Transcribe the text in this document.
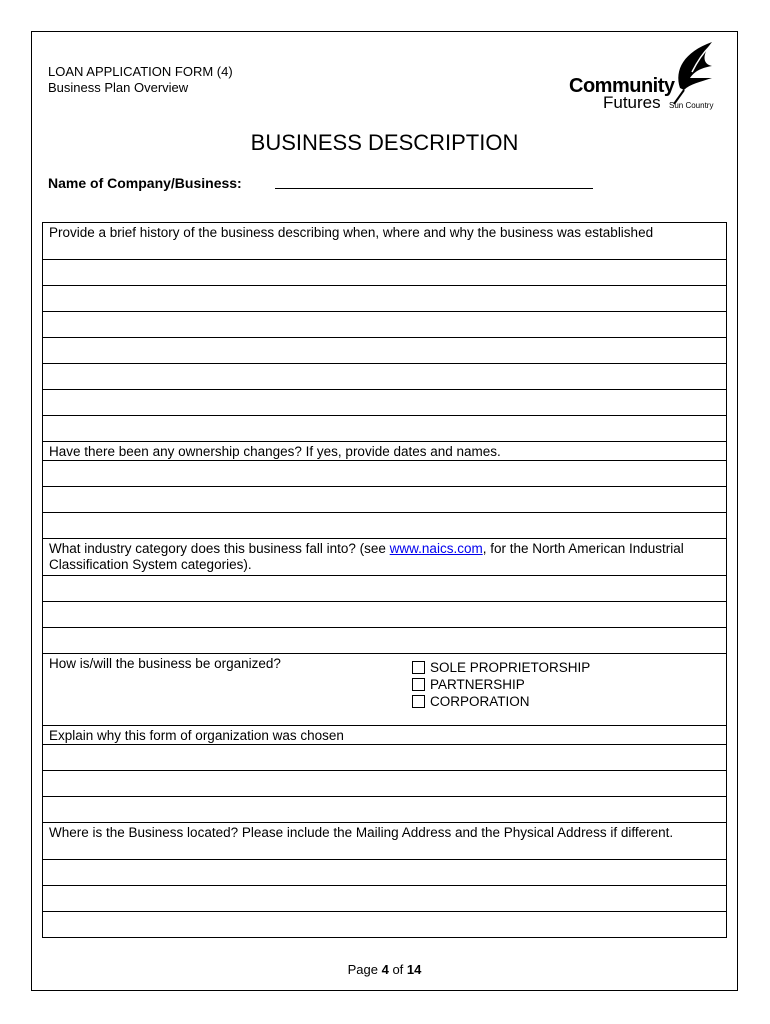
LOAN APPLICATION FORM (4)
Business Plan Overview	Community
Futures Sun Country
BUSINESS DESCRIPTION
Name of Company/Business:
Provide a brief history of the business describing when, where and why the business was established
Have there been any ownership changes? If yes, provide dates and names.
What industry category does this business fall into? (see www.naics.com, for the North American Industrial Classification System categories).
How is/will the business be organized?
Explain why this form of organization was chosen
Where is the Business located? Please include the Mailing Address and the Physical Address if different.
SOLE PROPRIETORSHIP
PARTNERSHIP
CORPORATION
Page 4 of 14
